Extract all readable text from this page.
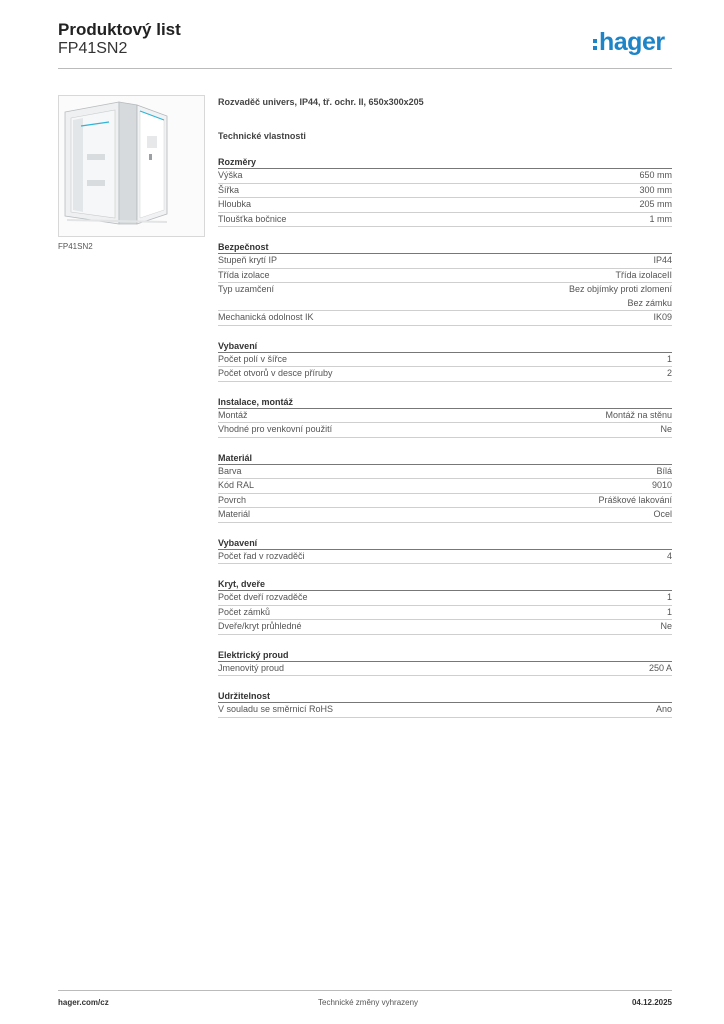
Produktový list
FP41SN2	hager
FP41SN2
Rozvaděč univers, IP44, tř. ochr. II, 650x300x205
Technické vlastnosti
Rozměry
Výška	650 mm
Šířka	300 mm
Hloubka	205 mm
Tloušťka bočnice	1 mm
Bezpečnost
Stupeň krytí IP	IP44
Třída izolace	Třída izolaceII
Typ uzamčení	Bez objímky proti zlomení
Bez zámku
Mechanická odolnost IK	IK09
Vybavení
Počet polí v šířce	1
Počet otvorů v desce příruby	2
Instalace, montáž
Montáž	Montáž na stěnu
Vhodné pro venkovní použití	Ne
Materiál
Barva	Bílá
Kód RAL	9010
Povrch	Práškové lakování
Materiál	Ocel
Vybavení
Počet řad v rozvaděči	4
Kryt, dveře
Počet dveří rozvaděče	1
Počet zámků	1
Dveře/kryt průhledné	Ne
Elektrický proud
Jmenovitý proud	250 A
Udržitelnost
V souladu se směrnicí RoHS	Ano
hager.com/cz	Technické změny vyhrazeny	04.12.2025
